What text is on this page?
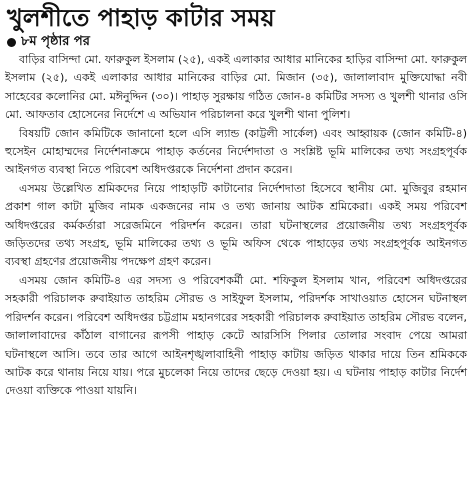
খুলশীতে পাহাড় কাটার সময়
৮ম পৃষ্ঠার পর

বাড়ির বাসিন্দা মো. ফারুকুল ইসলাম (২৫), একই এলাকার আধার মানিকের হাড়ির বাসিন্দা মো. ফারুকুল ইসলাম (২৫), একই এলাকার আধার মানিকের বাড়ির মো. মিজান (৩৫), জালালাবাদ মুক্তিযোদ্ধা নবী সাহেবের কলোনির মো. মঈনুদ্দিন (৩০)। পাহাড় সুরক্ষায় গঠিত জোন-৪ কমিটির সদস্য ও খুলশী থানার ওসি মো. আফতাব হোসেনের নির্দেশে এ অভিযান পরিচালনা করে খুলশী থানা পুলিশ।

বিষয়টি জোন কমিটিকে জানানো হলে এসি ল্যান্ড (কাট্টলী সার্কেল) এবং আহ্বায়ক (জোন কমিটি-৪) হুসেইন মোহাম্মদের নির্দেশনাক্রমে পাহাড় কর্তনের নির্দেশদাতা ও সংশ্লিষ্ট ভূমি মালিকের তথ্য সংগ্রহপূর্বক আইনগত ব্যবস্থা নিতে পরিবেশ অধিদপ্তরকে নির্দেশনা প্রদান করেন।

এসময় উল্লেখিত শ্রমিকদের নিয়ে পাহাড়টি কাটানোর নির্দেশদাতা হিসেবে স্থানীয় মো. মুজিবুর রহমান প্রকাশ গাল কাটা মুজিব নামক একজনের নাম ও তথ্য জানায় আটক শ্রমিকেরা। একই সময় পরিবেশ অধিদপ্তরের কর্মকর্তারা সরেজমিনে পরিদর্শন করেন। তারা ঘটনাস্থলের প্রয়োজনীয় তথ্য সংগ্রহপূর্বক জড়িতদের তথ্য সংগ্রহ, ভূমি মালিকের তথ্য ও ভূমি অফিস থেকে পাহাড়ের তথ্য সংগ্রহপূর্বক আইনগত ব্যবস্থা গ্রহণের প্রয়োজনীয় পদক্ষেপ গ্রহণ করেন।

এসময় জোন কমিটি-৪ এর সদস্য ও পরিবেশকর্মী মো. শফিকুল ইসলাম খান, পরিবেশ অধিদপ্তরের সহকারী পরিচালক রুবাইয়াত তাহরিম সৌরভ ও সাইফুল ইসলাম, পরিদর্শক সাখাওয়াত হোসেন ঘটনাস্থল পরিদর্শন করেন। পরিবেশ অধিদপ্তর চট্টগ্রাম মহানগরের সহকারী পরিচালক রুবাইয়াত তাহরিম সৌরভ বলেন, জালালাবাদের কাঁঠাল বাগানের রূপসী পাহাড় কেটে আরসিসি পিলার তোলার সংবাদ পেয়ে আমরা ঘটনাস্থলে আসি। তবে তার আগে আইনশৃঙ্খলাবাহিনী পাহাড় কাটায় জড়িত থাকার দায়ে তিন শ্রমিককে আটক করে থানায় নিয়ে যায়। পরে মুচলেকা নিয়ে তাদের ছেড়ে দেওয়া হয়। এ ঘটনায় পাহাড় কাটার নির্দেশ দেওয়া ব্যক্তিকে পাওয়া যায়নি।
